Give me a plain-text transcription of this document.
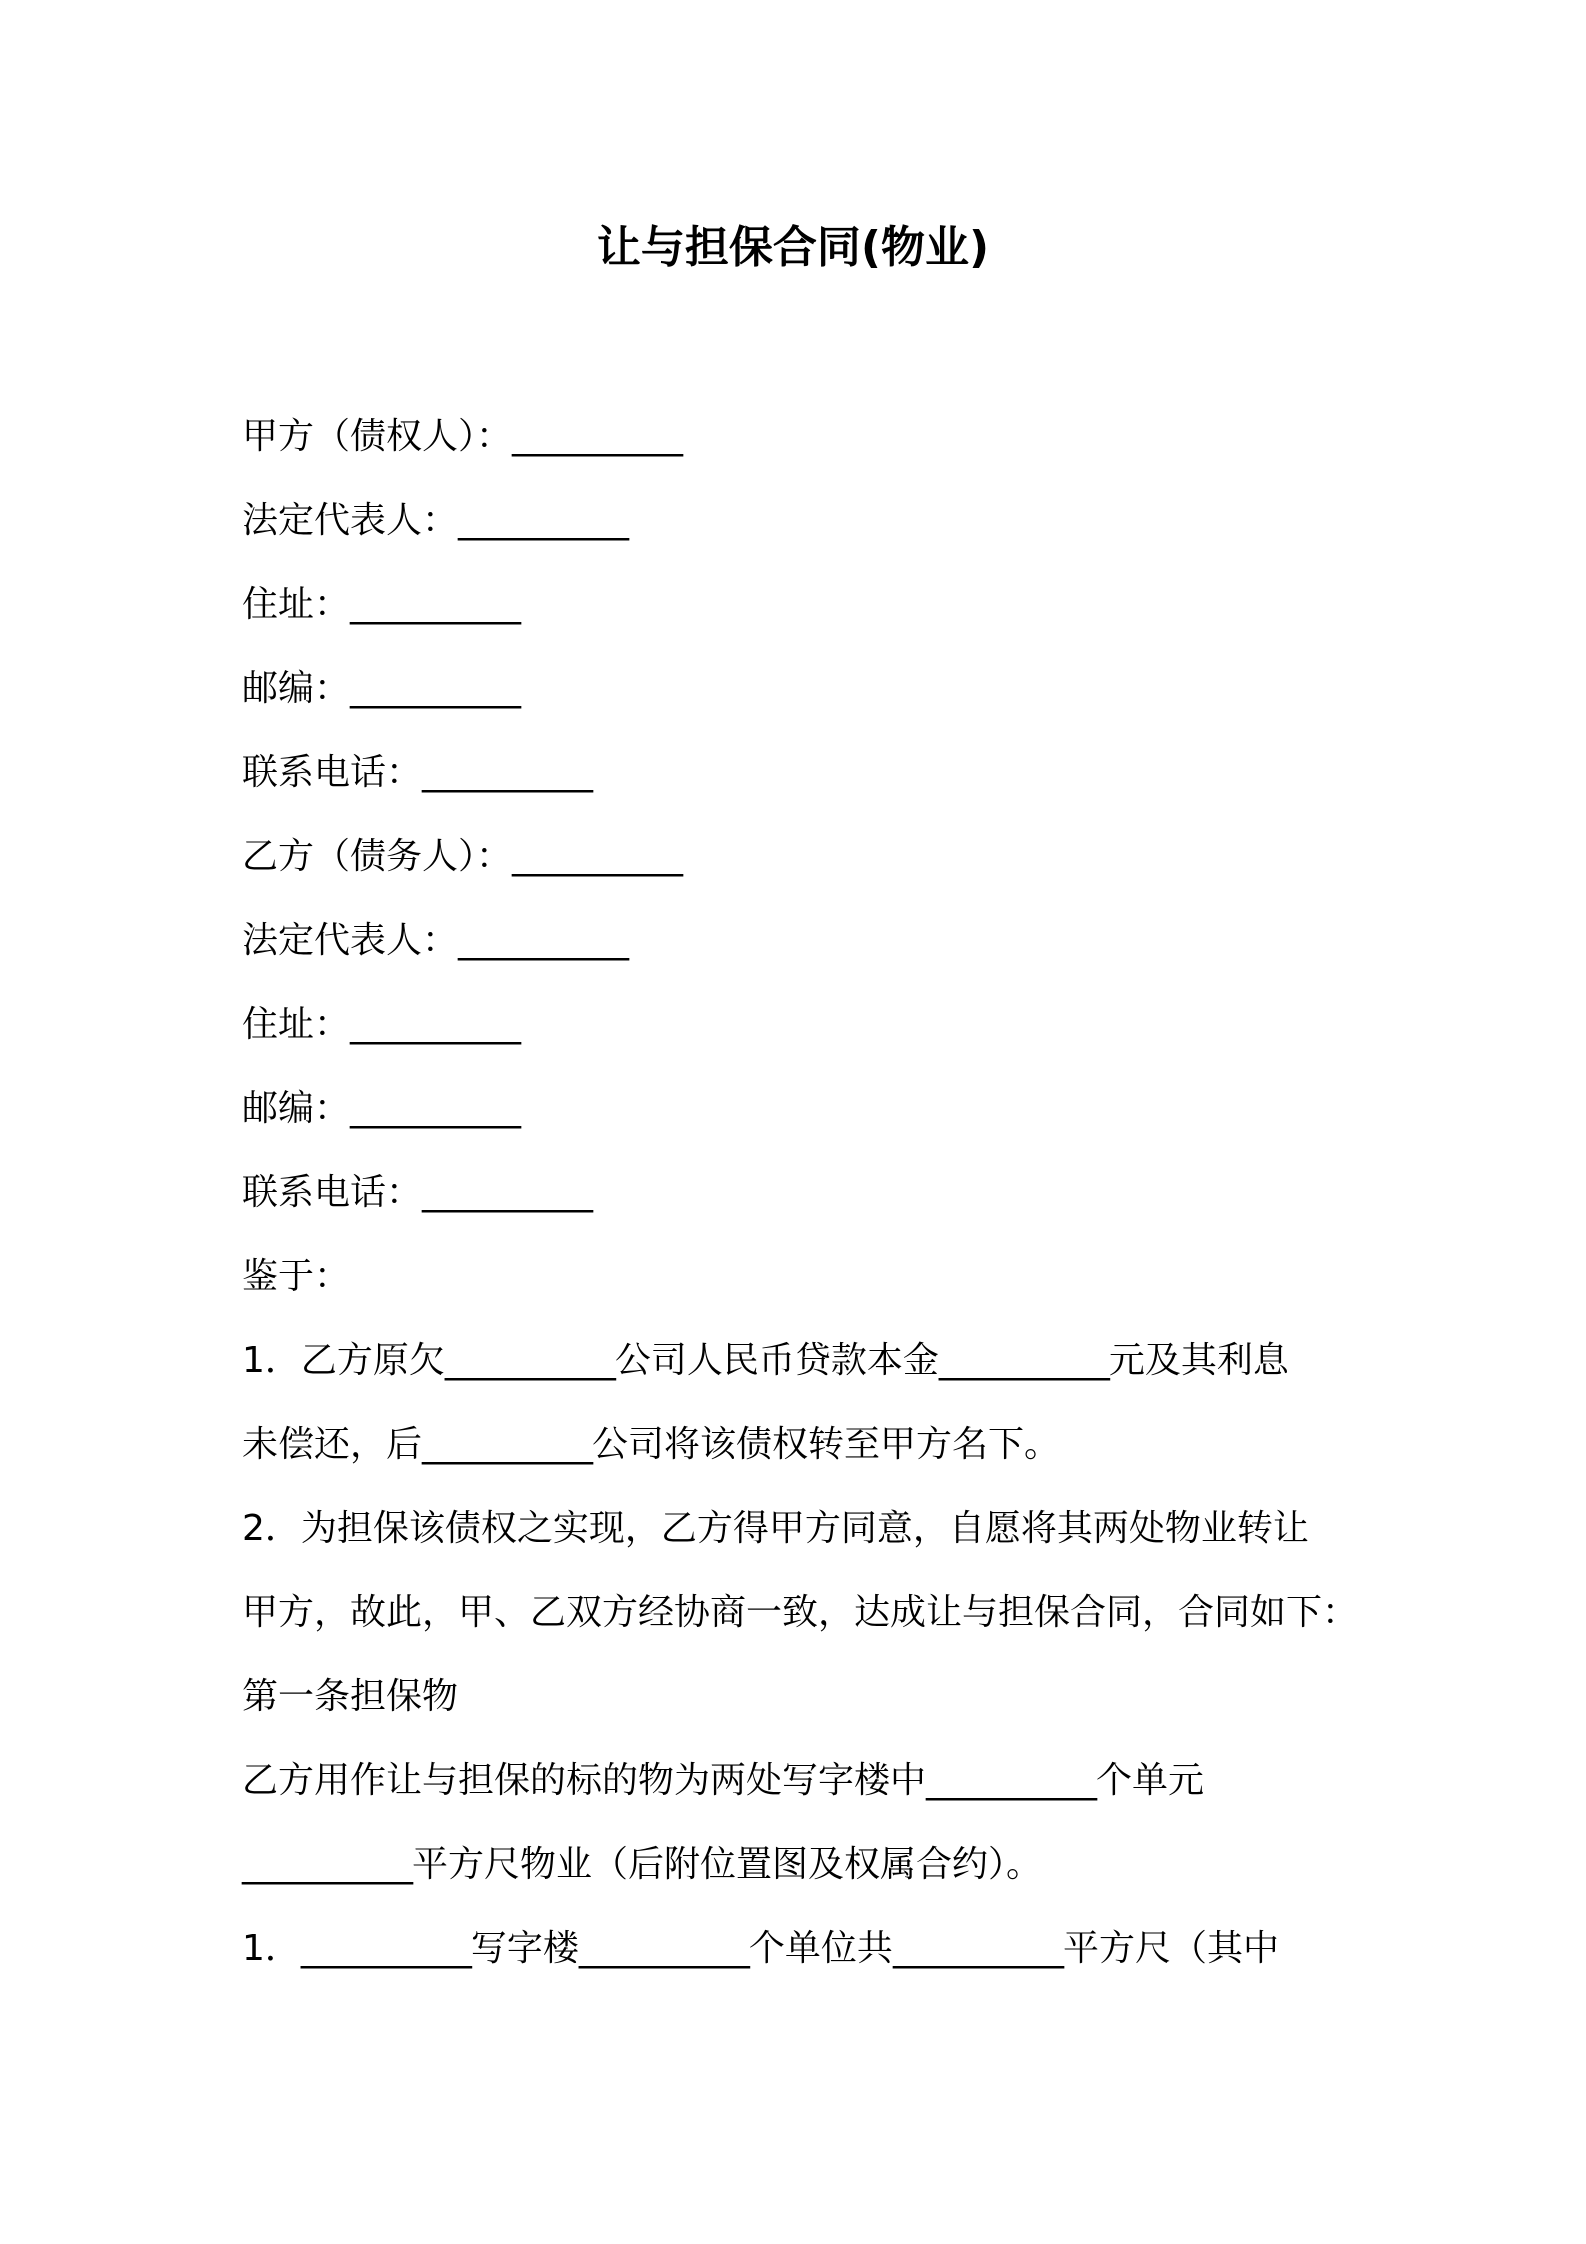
让与担保合同(物业)
甲方（债权人）：__________
法定代表人：__________
住址：__________
邮编：__________
联系电话：__________
乙方（债务人）：__________
法定代表人：__________
住址：__________
邮编：__________
联系电话：__________
鉴于：
1．乙方原欠__________公司人民币贷款本金__________元及其利息
未偿还，后__________公司将该债权转至甲方名下。
2．为担保该债权之实现，乙方得甲方同意，自愿将其两处物业转让
甲方，故此，甲、乙双方经协商一致，达成让与担保合同，合同如下：
第一条担保物
乙方用作让与担保的标的物为两处写字楼中__________个单元
__________平方尺物业（后附位置图及权属合约）。
1．__________写字楼__________个单位共__________平方尺（其中
